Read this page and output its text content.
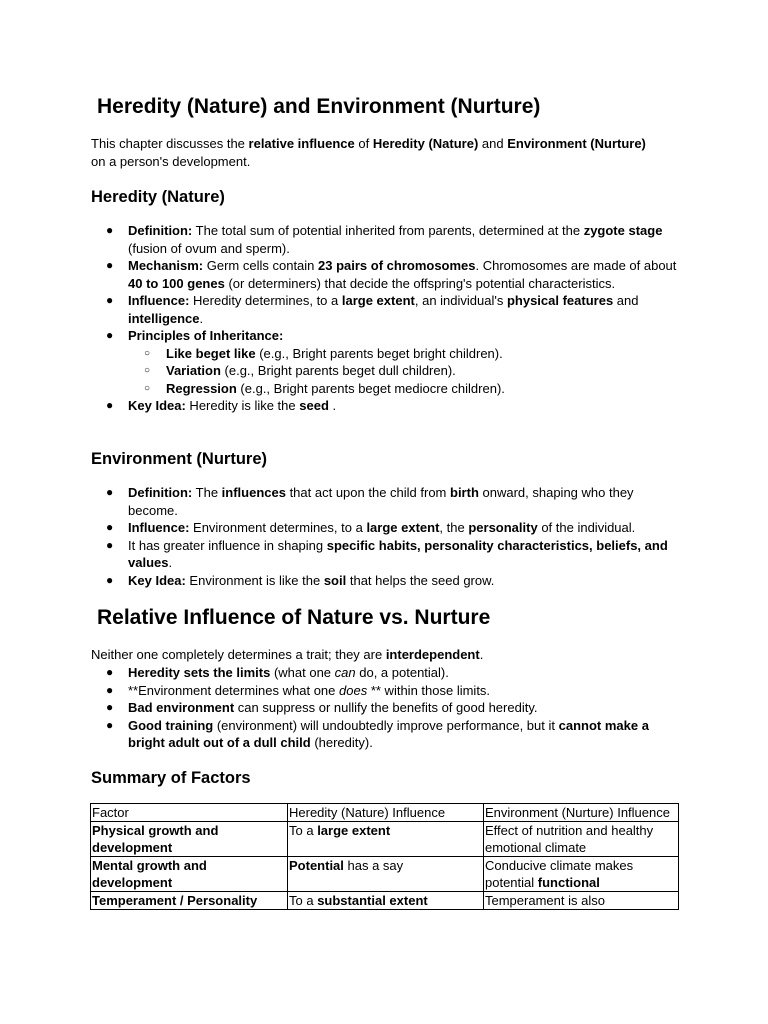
Heredity (Nature) and Environment (Nurture)

This chapter discusses the relative influence of Heredity (Nature) and Environment (Nurture) on a person's development.

Heredity (Nature)
● Definition: The total sum of potential inherited from parents, determined at the zygote stage (fusion of ovum and sperm).
● Mechanism: Germ cells contain 23 pairs of chromosomes. Chromosomes are made of about 40 to 100 genes (or determiners) that decide the offspring's potential characteristics.
● Influence: Heredity determines, to a large extent, an individual's physical features and intelligence.
● Principles of Inheritance:
○ Like beget like (e.g., Bright parents beget bright children).
○ Variation (e.g., Bright parents beget dull children).
○ Regression (e.g., Bright parents beget mediocre children).
● Key Idea: Heredity is like the seed .
Environment (Nurture)
● Definition: The influences that act upon the child from birth onward, shaping who they become.
● Influence: Environment determines, to a large extent, the personality of the individual.
● It has greater influence in shaping specific habits, personality characteristics, beliefs, and values.
● Key Idea: Environment is like the soil that helps the seed grow.
Relative Influence of Nature vs. Nurture

Neither one completely determines a trait; they are interdependent.

● Heredity sets the limits (what one can do, a potential).
● **Environment determines what one does ** within those limits.
● Bad environment can suppress or nullify the benefits of good heredity.
● Good training (environment) will undoubtedly improve performance, but it cannot make a bright adult out of a dull child (heredity).
Summary of Factors
Factor	Heredity (Nature) Influence	Environment (Nurture) Influence
Physical growth and development	To a large extent	Effect of nutrition and healthy emotional climate
Mental growth and development	Potential has a say	Conducive climate makes potential functional
Temperament / Personality	To a substantial extent	Temperament is also
